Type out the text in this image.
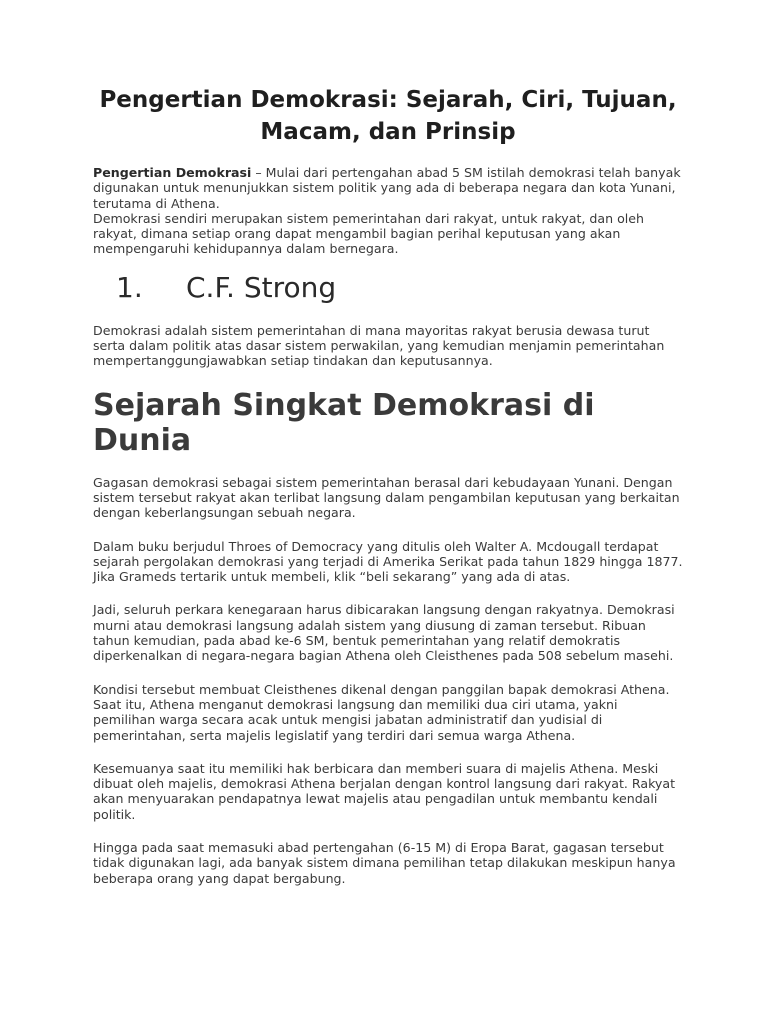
Pengertian Demokrasi: Sejarah, Ciri, Tujuan, Macam, dan Prinsip

Pengertian Demokrasi – Mulai dari pertengahan abad 5 SM istilah demokrasi telah banyak digunakan untuk menunjukkan sistem politik yang ada di beberapa negara dan kota Yunani, terutama di Athena.

Demokrasi sendiri merupakan sistem pemerintahan dari rakyat, untuk rakyat, dan oleh rakyat, dimana setiap orang dapat mengambil bagian perihal keputusan yang akan mempengaruhi kehidupannya dalam bernegara.

1.	C.F. Strong

Demokrasi adalah sistem pemerintahan di mana mayoritas rakyat berusia dewasa turut serta dalam politik atas dasar sistem perwakilan, yang kemudian menjamin pemerintahan mempertanggungjawabkan setiap tindakan dan keputusannya.

Sejarah Singkat Demokrasi di Dunia

Gagasan demokrasi sebagai sistem pemerintahan berasal dari kebudayaan Yunani. Dengan sistem tersebut rakyat akan terlibat langsung dalam pengambilan keputusan yang berkaitan dengan keberlangsungan sebuah negara.

Dalam buku berjudul Throes of Democracy yang ditulis oleh Walter A. Mcdougall terdapat sejarah pergolakan demokrasi yang terjadi di Amerika Serikat pada tahun 1829 hingga 1877. Jika Grameds tertarik untuk membeli, klik “beli sekarang” yang ada di atas.

Jadi, seluruh perkara kenegaraan harus dibicarakan langsung dengan rakyatnya. Demokrasi murni atau demokrasi langsung adalah sistem yang diusung di zaman tersebut. Ribuan tahun kemudian, pada abad ke-6 SM, bentuk pemerintahan yang relatif demokratis diperkenalkan di negara-negara bagian Athena oleh Cleisthenes pada 508 sebelum masehi.

Kondisi tersebut membuat Cleisthenes dikenal dengan panggilan bapak demokrasi Athena. Saat itu, Athena menganut demokrasi langsung dan memiliki dua ciri utama, yakni pemilihan warga secara acak untuk mengisi jabatan administratif dan yudisial di pemerintahan, serta majelis legislatif yang terdiri dari semua warga Athena.

Kesemuanya saat itu memiliki hak berbicara dan memberi suara di majelis Athena. Meski dibuat oleh majelis, demokrasi Athena berjalan dengan kontrol langsung dari rakyat. Rakyat akan menyuarakan pendapatnya lewat majelis atau pengadilan untuk membantu kendali politik.

Hingga pada saat memasuki abad pertengahan (6-15 M) di Eropa Barat, gagasan tersebut tidak digunakan lagi, ada banyak sistem dimana pemilihan tetap dilakukan meskipun hanya beberapa orang yang dapat bergabung.
